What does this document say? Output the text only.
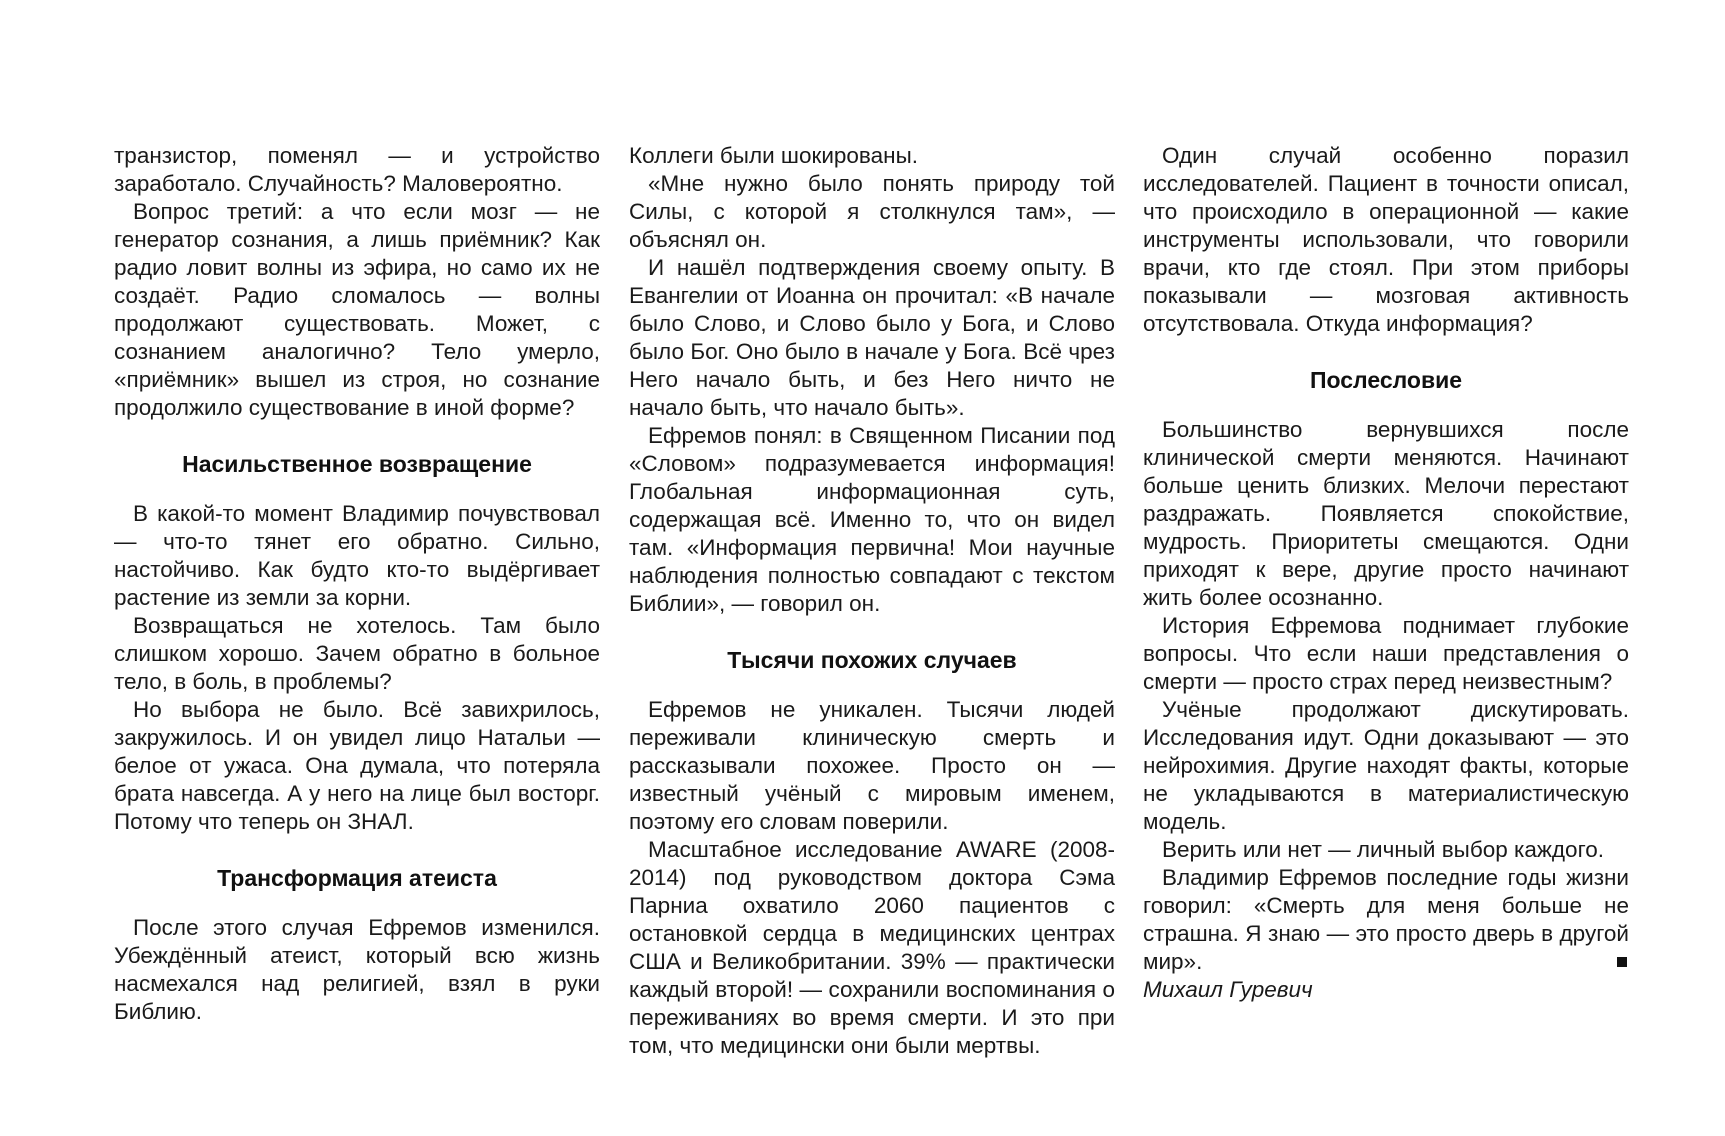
транзистор, поменял — и устройство заработало. Случайность? Маловероятно.

Вопрос третий: а что если мозг — не генератор сознания, а лишь приёмник? Как радио ловит волны из эфира, но само их не создаёт. Радио сломалось — волны продолжают существовать. Может, с сознанием аналогично? Тело умерло, «приёмник» вышел из строя, но сознание продолжило существование в иной форме?

Насильственное возвращение

В какой-то момент Владимир почувствовал — что-то тянет его обратно. Сильно, настойчиво. Как будто кто-то выдёргивает растение из земли за корни.

Возвращаться не хотелось. Там было слишком хорошо. Зачем обратно в больное тело, в боль, в проблемы?

Но выбора не было. Всё завихрилось, закружилось. И он увидел лицо Натальи — белое от ужаса. Она думала, что потеряла брата навсегда. А у него на лице был восторг. Потому что теперь он ЗНАЛ.

Трансформация атеиста

После этого случая Ефремов изменился. Убеждённый атеист, который всю жизнь насмехался над религией, взял в руки Библию.

Коллеги были шокированы.

«Мне нужно было понять природу той Силы, с которой я столкнулся там», — объяснял он.

И нашёл подтверждения своему опыту. В Евангелии от Иоанна он прочитал: «В начале было Слово, и Слово было у Бога, и Слово было Бог. Оно было в начале у Бога. Всё чрез Него начало быть, и без Него ничто не начало быть, что начало быть».

Ефремов понял: в Священном Писании под «Словом» подразумевается информация! Глобальная информационная суть, содержащая всё. Именно то, что он видел там. «Информация первична! Мои научные наблюдения полностью совпадают с текстом Библии», — говорил он.

Тысячи похожих случаев

Ефремов не уникален. Тысячи людей переживали клиническую смерть и рассказывали похожее. Просто он — известный учёный с мировым именем, поэтому его словам поверили.

Масштабное исследование AWARE (2008-2014) под руководством доктора Сэма Парниа охватило 2060 пациентов с остановкой сердца в медицинских центрах США и Великобритании. 39% — практически каждый второй! — сохранили воспоминания о переживаниях во время смерти. И это при том, что медицински они были мертвы.

Один случай особенно поразил исследователей. Пациент в точности описал, что происходило в операционной — какие инструменты использовали, что говорили врачи, кто где стоял. При этом приборы показывали — мозговая активность отсутствовала. Откуда информация?

Послесловие

Большинство вернувшихся после клинической смерти меняются. Начинают больше ценить близких. Мелочи перестают раздражать. Появляется спокойствие, мудрость. Приоритеты смещаются. Одни приходят к вере, другие просто начинают жить более осознанно.

История Ефремова поднимает глубокие вопросы. Что если наши представления о смерти — просто страх перед неизвестным?

Учёные продолжают дискутировать. Исследования идут. Одни доказывают — это нейрохимия. Другие находят факты, которые не укладываются в материалистическую модель.

Верить или нет — личный выбор каждого.

Владимир Ефремов последние годы жизни говорил: «Смерть для меня больше не страшна. Я знаю — это просто дверь в другой мир».

Михаил Гуревич
